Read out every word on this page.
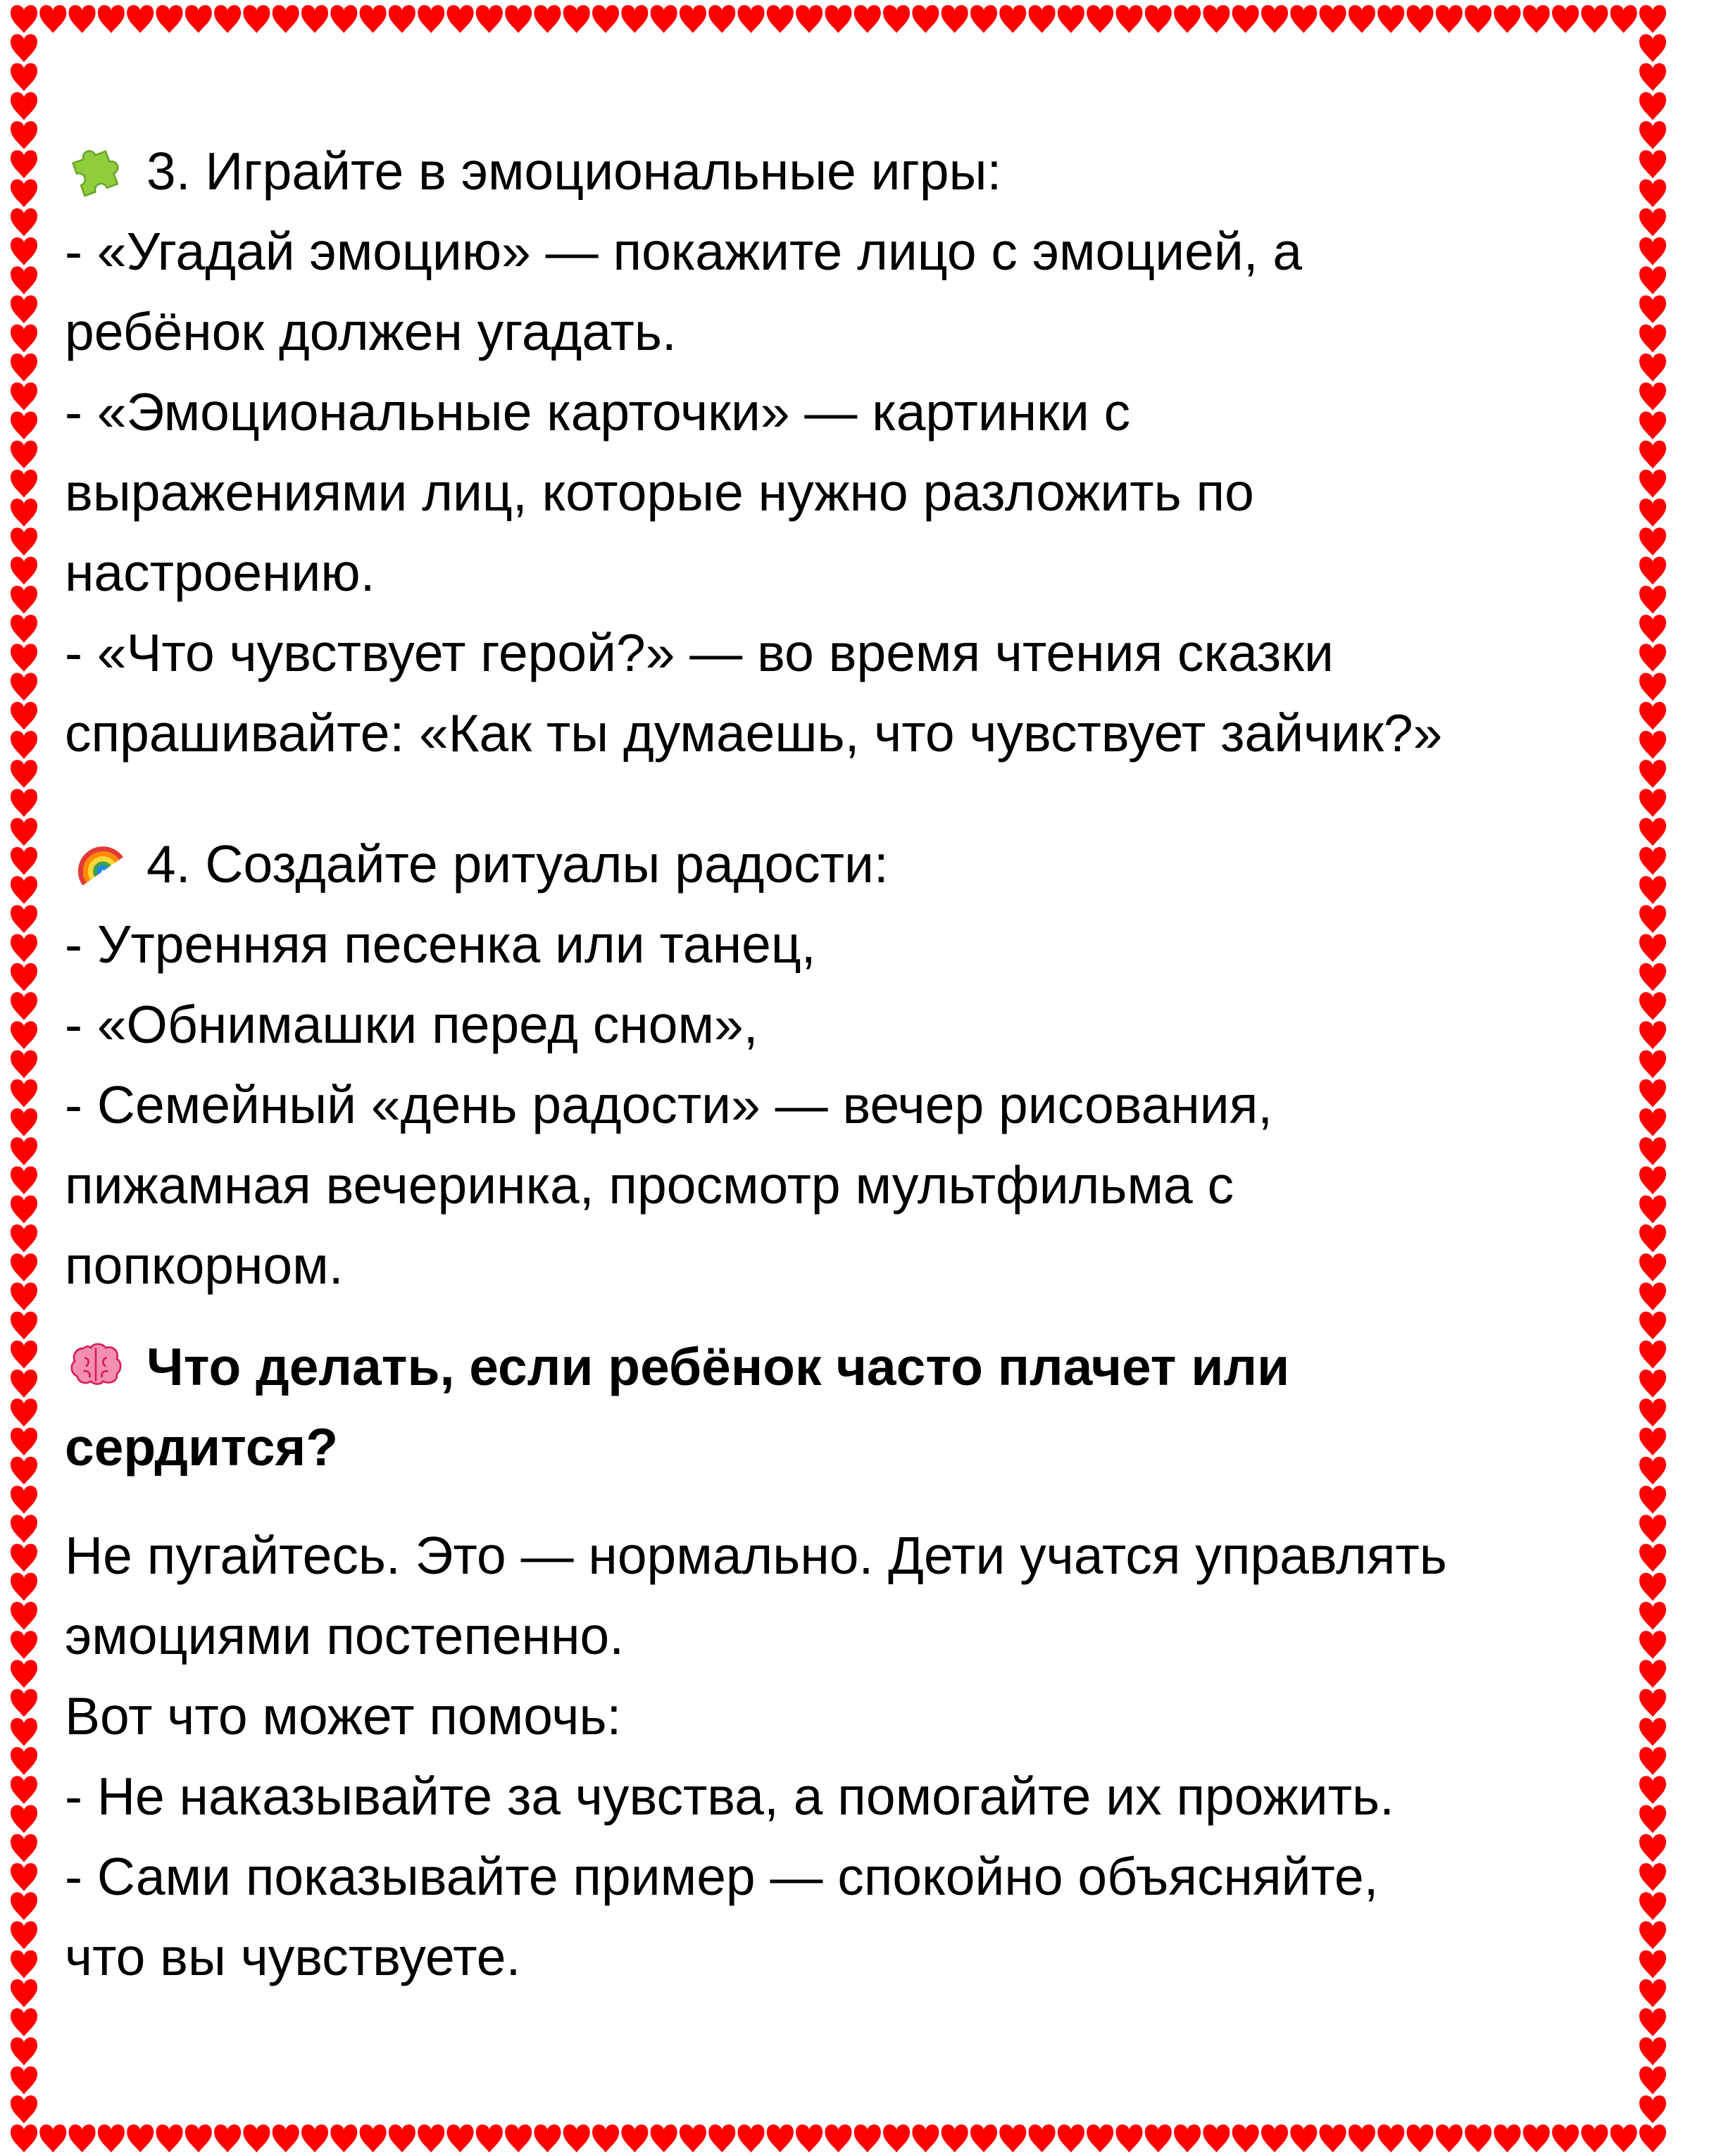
3. Играйте в эмоциональные игры:
- «Угадай эмоцию» — покажите лицо с эмоцией, а
ребёнок должен угадать.
- «Эмоциональные карточки» — картинки с
выражениями лиц, которые нужно разложить по
настроению.
- «Что чувствует герой?» — во время чтения сказки
спрашивайте: «Как ты думаешь, что чувствует зайчик?»
4. Создайте ритуалы радости:
- Утренняя песенка или танец,
- «Обнимашки перед сном»,
- Семейный «день радости» — вечер рисования,
пижамная вечеринка, просмотр мультфильма с
попкорном.
Что делать, если ребёнок часто плачет или
сердится?
Не пугайтесь. Это — нормально. Дети учатся управлять
эмоциями постепенно.
Вот что может помочь:
- Не наказывайте за чувства, а помогайте их прожить.
- Сами показывайте пример — спокойно объясняйте,
что вы чувствуете.
